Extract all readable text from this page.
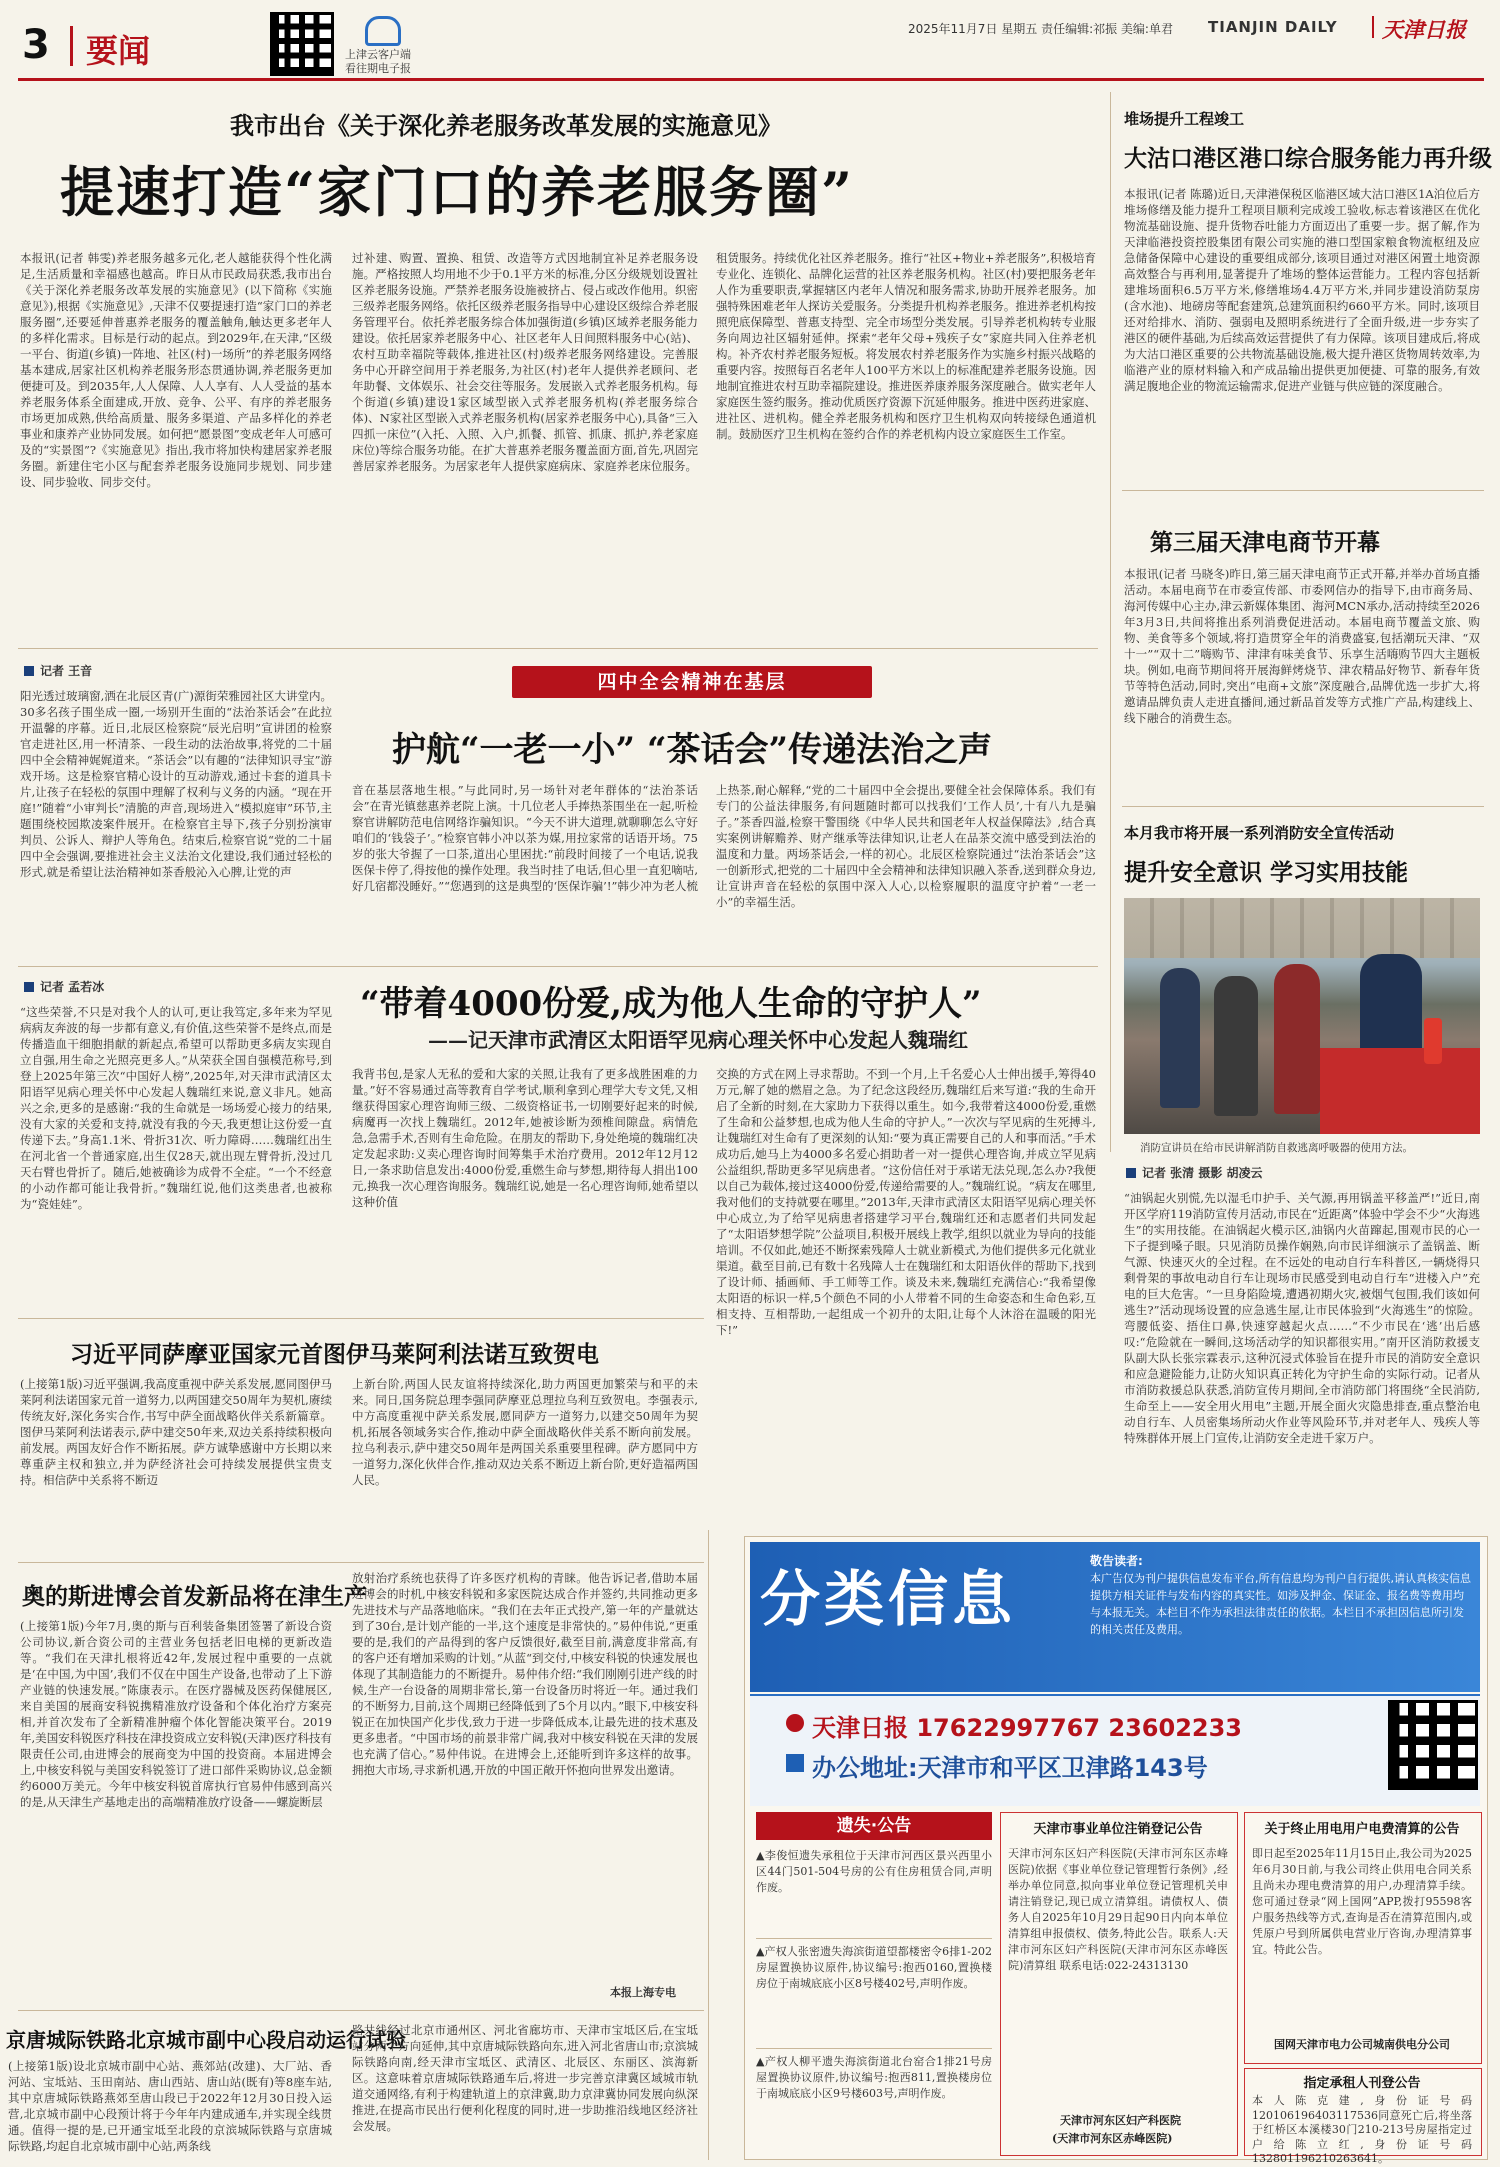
3 要闻	上津云客户端
看往期电子报
2025年11月7日 星期五 责任编辑:祁振 美编:单君 TIANJIN DAILY 天津日报
我市出台《关于深化养老服务改革发展的实施意见》
提速打造“家门口的养老服务圈”
本报讯(记者 韩雯)养老服务越多元化,老人越能获得个性化满足,生活质量和幸福感也越高。昨日从市民政局获悉,我市出台《关于深化养老服务改革发展的实施意见》(以下简称《实施意见》),根据《实施意见》,天津不仅要提速打造“家门口的养老服务圈”,还要延伸普惠养老服务的覆盖触角,触达更多老年人的多样化需求。目标是行动的起点。到2029年,在天津,“区级一平台、街道(乡镇)一阵地、社区(村)一场所”的养老服务网络基本建成,居家社区机构养老服务形态贯通协调,养老服务更加便捷可及。到2035年,人人保障、人人享有、人人受益的基本养老服务体系全面建成,开放、竞争、公平、有序的养老服务市场更加成熟,供给高质量、服务多渠道、产品多样化的养老事业和康养产业协同发展。如何把“愿景图”变成老年人可感可及的“实景图”?《实施意见》指出,我市将加快构建居家养老服务圈。新建住宅小区与配套养老服务设施同步规划、同步建设、同步验收、同步交付。
过补建、购置、置换、租赁、改造等方式因地制宜补足养老服务设施。严格按照人均用地不少于0.1平方米的标准,分区分级规划设置社区养老服务设施。严禁养老服务设施被挤占、侵占或改作他用。织密三级养老服务网络。依托区级养老服务指导中心建设区级综合养老服务管理平台。依托养老服务综合体加强街道(乡镇)区域养老服务能力建设。依托居家养老服务中心、社区老年人日间照料服务中心(站)、农村互助幸福院等载体,推进社区(村)级养老服务网络建设。完善服务中心开辟空间用于养老服务,为社区(村)老年人提供养老顾问、老年助餐、文体娱乐、社会交往等服务。发展嵌入式养老服务机构。每个街道(乡镇)建设1家区域型嵌入式养老服务机构(养老服务综合体)、N家社区型嵌入式养老服务机构(居家养老服务中心),具备“三入四抓一床位”(入托、入照、入户,抓餐、抓管、抓康、抓护,养老家庭床位)等综合服务功能。在扩大普惠养老服务覆盖面方面,首先,巩固完善居家养老服务。为居家老年人提供家庭病床、家庭养老床位服务。
租赁服务。持续优化社区养老服务。推行“社区+物业+养老服务”,积极培育专业化、连锁化、品牌化运营的社区养老服务机构。社区(村)要把服务老年人作为重要职责,掌握辖区内老年人情况和服务需求,协助开展养老服务。加强特殊困难老年人探访关爱服务。分类提升机构养老服务。推进养老机构按照兜底保障型、普惠支持型、完全市场型分类发展。引导养老机构转专业服务向周边社区辐射延伸。探索“老年父母+残疾子女”家庭共同入住养老机构。补齐农村养老服务短板。将发展农村养老服务作为实施乡村振兴战略的重要内容。按照每百名老年人100平方米以上的标准配建养老服务设施。因地制宜推进农村互助幸福院建设。推进医养康养服务深度融合。做实老年人家庭医生签约服务。推动优质医疗资源下沉延伸服务。推进中医药进家庭、进社区、进机构。健全养老服务机构和医疗卫生机构双向转接绿色通道机制。鼓励医疗卫生机构在签约合作的养老机构内设立家庭医生工作室。
记者 王音
阳光透过玻璃窗,洒在北辰区青(广)源街荣雅园社区大讲堂内。30多名孩子围坐成一圈,一场别开生面的“法治茶话会”在此拉开温馨的序幕。近日,北辰区检察院“辰光启明”宣讲团的检察官走进社区,用一杯清茶、一段生动的法治故事,将党的二十届四中全会精神娓娓道来。“茶话会”以有趣的“法律知识寻宝”游戏开场。这是检察官精心设计的互动游戏,通过卡套的道具卡片,让孩子在轻松的氛围中理解了权利与义务的内涵。“现在开庭!”随着“小审判长”清脆的声音,现场进入“模拟庭审”环节,主题围绕校园欺凌案件展开。在检察官主导下,孩子分别扮演审判员、公诉人、辩护人等角色。结束后,检察官说“党的二十届四中全会强调,要推进社会主义法治文化建设,我们通过轻松的形式,就是希望让法治精神如茶香般沁入心脾,让党的声
四中全会精神在基层
护航“一老一小” “茶话会”传递法治之声
音在基层落地生根。”与此同时,另一场针对老年群体的“法治茶话会”在青光镇慈惠养老院上演。十几位老人手捧热茶围坐在一起,听检察官讲解防范电信网络诈骗知识。“今天不讲大道理,就聊聊怎么守好咱们的‘钱袋子’。”检察官韩小冲以茶为媒,用拉家常的话语开场。75岁的张大爷握了一口茶,道出心里困扰:“前段时间接了一个电话,说我医保卡停了,得按他的操作处理。我当时挂了电话,但心里一直犯嘀咕,好几宿都没睡好。”“您遇到的这是典型的‘医保诈骗’!”韩少冲为老人梳
上热茶,耐心解释,“党的二十届四中全会提出,要健全社会保障体系。我们有专门的公益法律服务,有问题随时都可以找我们‘工作人员’,十有八九是骗子。”茶香四溢,检察干警围绕《中华人民共和国老年人权益保障法》,结合真实案例讲解赡养、财产继承等法律知识,让老人在品茶交流中感受到法治的温度和力量。两场茶话会,一样的初心。北辰区检察院通过“法治茶话会”这一创新形式,把党的二十届四中全会精神和法律知识融入茶香,送到群众身边,让宣讲声音在轻松的氛围中深入人心,以检察履职的温度守护着“一老一小”的幸福生活。
记者 孟若冰	“带着4000份爱,成为他人生命的守护人”
——记天津市武清区太阳语罕见病心理关怀中心发起人魏瑞红
“这些荣誉,不只是对我个人的认可,更让我笃定,多年来为罕见病病友奔波的每一步都有意义,有价值,这些荣誉不是终点,而是传播造血干细胞捐献的新起点,希望可以帮助更多病友实现自立自强,用生命之光照亮更多人。”从荣获全国自强模范称号,到登上2025年第三次“中国好人榜”,2025年,对天津市武清区太阳语罕见病心理关怀中心发起人魏瑞红来说,意义非凡。她高兴之余,更多的是感谢:“我的生命就是一场场爱心接力的结果,没有大家的关爱和支持,就没有我的今天,我更想让这份爱一直传递下去。”身高1.1米、骨折31次、听力障碍……魏瑞红出生在河北省一个普通家庭,出生仅28天,就出现左臂骨折,没过几天右臂也骨折了。随后,她被确诊为成骨不全症。“一个不经意的小动作都可能让我骨折。”魏瑞红说,他们这类患者,也被称为“瓷娃娃”。
我背书包,是家人无私的爱和大家的关照,让我有了更多战胜困难的力量。”好不容易通过高等教育自学考试,顺利拿到心理学大专文凭,又相继获得国家心理咨询师三级、二级资格证书,一切刚要好起来的时候,病魔再一次找上魏瑞红。2012年,她被诊断为颈椎间隙盘。病情危急,急需手术,否则有生命危险。在朋友的帮助下,身处绝境的魏瑞红决定发起求助:义卖心理咨询时间筹集手术治疗费用。2012年12月12日,一条求助信息发出:4000份爱,重燃生命与梦想,期待每人捐出100元,换我一次心理咨询服务。魏瑞红说,她是一名心理咨询师,她希望以这种价值
交换的方式在网上寻求帮助。不到一个月,上千名爱心人士伸出援手,筹得40万元,解了她的燃眉之急。为了纪念这段经历,魏瑞红后来写道:“我的生命开启了全新的时刻,在大家助力下获得以重生。如今,我带着这4000份爱,重燃了生命和公益梦想,也成为他人生命的守护人。”一次次与罕见病的生死搏斗,让魏瑞红对生命有了更深刻的认知:“要为真正需要自己的人和事而活。”手术成功后,她马上为4000多名爱心捐助者一对一提供心理咨询,并成立罕见病公益组织,帮助更多罕见病患者。“这份信任对于承诺无法兑现,怎么办?我便以自己为载体,接过这4000份爱,传递给需要的人。”魏瑞红说。“病友在哪里,我对他们的支持就要在哪里。”2013年,天津市武清区太阳语罕见病心理关怀中心成立,为了给罕见病患者搭建学习平台,魏瑞红还和志愿者们共同发起了“太阳语梦想学院”公益项目,积极开展线上教学,组织以就业为导向的技能培训。不仅如此,她还不断探索残障人士就业新模式,为他们提供多元化就业渠道。截至目前,已有数十名残障人士在魏瑞红和太阳语伙伴的帮助下,找到了设计师、插画师、手工师等工作。谈及未来,魏瑞红充满信心:“我希望像太阳语的标识一样,5个颜色不同的小人带着不同的生命姿态和生命色彩,互相支持、互相帮助,一起组成一个初升的太阳,让每个人沐浴在温暖的阳光下!”
习近平同萨摩亚国家元首图伊马莱阿利法诺互致贺电
(上接第1版)习近平强调,我高度重视中萨关系发展,愿同图伊马莱阿利法诺国家元首一道努力,以两国建交50周年为契机,赓续传统友好,深化务实合作,书写中萨全面战略伙伴关系新篇章。图伊马莱阿利法诺表示,萨中建交50年来,双边关系持续积极向前发展。两国友好合作不断拓展。萨方诚挚感谢中方长期以来尊重萨主权和独立,并为萨经济社会可持续发展提供宝贵支持。相信萨中关系将不断迈
上新台阶,两国人民友谊将持续深化,助力两国更加繁荣与和平的未来。同日,国务院总理李强同萨摩亚总理拉乌利互致贺电。李强表示,中方高度重视中萨关系发展,愿同萨方一道努力,以建交50周年为契机,拓展各领域务实合作,推动中萨全面战略伙伴关系不断向前发展。拉乌利表示,萨中建交50周年是两国关系重要里程碑。萨方愿同中方一道努力,深化伙伴合作,推动双边关系不断迈上新台阶,更好造福两国人民。
奥的斯进博会首发新品将在津生产
(上接第1版)今年7月,奥的斯与百利装备集团签署了新设合资公司协议,新合资公司的主营业务包括老旧电梯的更新改造等。“我们在天津扎根将近42年,发展过程中重要的一点就是‘在中国,为中国’,我们不仅在中国生产设备,也带动了上下游产业链的快速发展。”陈康表示。在医疗器械及医药保健展区,来自美国的展商安科锐携精准放疗设备和个体化治疗方案亮相,并首次发布了全新精准肿瘤个体化智能决策平台。2019年,美国安科锐医疗科技在津投资成立安科锐(天津)医疗科技有限责任公司,由进博会的展商变为中国的投资商。本届进博会上,中核安科锐与美国安科锐签订了进口部件采购协议,总金额约6000万美元。今年中核安科锐首席执行官易仲伟感到高兴的是,从天津生产基地走出的高端精准放疗设备——螺旋断层
放射治疗系统也获得了许多医疗机构的青睐。他告诉记者,借助本届进博会的时机,中核安科锐和多家医院达成合作并签约,共同推动更多先进技术与产品落地临床。“我们在去年正式投产,第一年的产量就达到了30台,是计划产能的一半,这个速度是非常快的。”易仲伟说,“更重要的是,我们的产品得到的客户反馈很好,截至目前,满意度非常高,有的客户还有增加采购的计划。”从蓝“到交付,中核安科锐的快速发展也体现了其制造能力的不断提升。易仲伟介绍:“我们刚刚引进产线的时候,生产一台设备的周期非常长,第一台设备历时将近一年。通过我们的不断努力,目前,这个周期已经降低到了5个月以内。”眼下,中核安科锐正在加快国产化步伐,致力于进一步降低成本,让最先进的技术惠及更多患者。“中国市场的前景非常广阔,我对中核安科锐在天津的发展也充满了信心。”易仲伟说。在进博会上,还能听到许多这样的故事。拥抱大市场,寻求新机遇,开放的中国正敞开怀抱向世界发出邀请。
本报上海专电
京唐城际铁路北京城市副中心段启动运行试验
(上接第1版)设北京城市副中心站、燕郊站(改建)、大厂站、香河站、宝坻站、玉田南站、唐山西站、唐山站(既有)等8座车站,其中京唐城际铁路燕郊至唐山段已于2022年12月30日投入运营,北京城市副中心段预计将于今年年内建成通车,并实现全线贯通。值得一提的是,已开通宝坻至北段的京滨城际铁路与京唐城际铁路,均起自北京城市副中心站,两条线
路共线经过北京市通州区、河北省廊坊市、天津市宝坻区后,在宝坻站分两个方向延伸,其中京唐城际铁路向东,进入河北省唐山市;京滨城际铁路向南,经天津市宝坻区、武清区、北辰区、东丽区、滨海新区。这意味着京唐城际铁路通车后,将进一步完善京津冀区域城市轨道交通网络,有利于构建轨道上的京津冀,助力京津冀协同发展向纵深推进,在提高市民出行便利化程度的同时,进一步助推沿线地区经济社会发展。
堆场提升工程竣工
大沽口港区港口综合服务能力再升级
本报讯(记者 陈璐)近日,天津港保税区临港区域大沽口港区1A泊位后方堆场修缮及能力提升工程项目顺利完成竣工验收,标志着该港区在优化物流基础设施、提升货物吞吐能力方面迈出了重要一步。据了解,作为天津临港投资控股集团有限公司实施的港口型国家粮食物流枢纽及应急储备保障中心建设的重要组成部分,该项目通过对港区闲置土地资源高效整合与再利用,显著提升了堆场的整体运营能力。工程内容包括新建堆场面积6.5万平方米,修缮堆场4.4万平方米,并同步建设消防泵房(含水池)、地磅房等配套建筑,总建筑面积约660平方米。同时,该项目还对给排水、消防、强弱电及照明系统进行了全面升级,进一步夯实了港区的硬件基础,为后续高效运营提供了有力保障。该项目建成后,将成为大沽口港区重要的公共物流基础设施,极大提升港区货物周转效率,为临港产业的原材料输入和产成品输出提供更加便捷、可靠的服务,有效满足腹地企业的物流运输需求,促进产业链与供应链的深度融合。
第三届天津电商节开幕
本报讯(记者 马晓冬)昨日,第三届天津电商节正式开幕,并举办首场直播活动。本届电商节在市委宣传部、市委网信办的指导下,由市商务局、海河传媒中心主办,津云新媒体集团、海河MCN承办,活动持续至2026年3月3日,共间将推出系列消费促进活动。本届电商节覆盖文旅、购物、美食等多个领域,将打造贯穿全年的消费盛宴,包括潮玩天津、“双十一”“双十二”嗨购节、津津有味美食节、乐享生活嗨购节四大主题板块。例如,电商节期间将开展海鲜烤烧节、津农精品好物节、新春年货节等特色活动,同时,突出“电商+文旅”深度融合,品牌优选一步扩大,将邀请品牌负责人走进直播间,通过新品首发等方式推广产品,构建线上、线下融合的消费生态。
本月我市将开展一系列消防安全宣传活动
提升安全意识 学习实用技能
消防宣讲员在给市民讲解消防自救逃离呼吸器的使用方法。
记者 张清 摄影 胡凌云
“油锅起火别慌,先以湿毛巾护手、关气源,再用锅盖平移盖严!”近日,南开区学府119消防宣传月活动,市民在“近距离”体验中学会不少“火海逃生”的实用技能。在油锅起火模示区,油锅内火苗蹿起,围观市民的心一下子提到嗓子眼。只见消防员操作娴熟,向市民详细演示了盖锅盖、断气源、快速灭火的全过程。在不远处的电动自行车科普区,一辆烧得只剩骨架的事故电动自行车让现场市民感受到电动自行车“进楼入户”充电的巨大危害。“一旦身陷险境,遭遇初期火灾,被烟气包围,我们该如何逃生?”活动现场设置的应急逃生屋,让市民体验到“火海逃生”的惊险。弯腰低姿、捂住口鼻,快速穿越起火点……“不少市民在‘逃’出后感叹:“危险就在一瞬间,这场活动学的知识都很实用。”南开区消防救援支队副大队长张宗霖表示,这种沉浸式体验旨在提升市民的消防安全意识和应急避险能力,让防火知识真正转化为守护生命的实际行动。记者从市消防救援总队获悉,消防宣传月期间,全市消防部门将围绕“全民消防,生命至上——安全用火用电”主题,开展全面火灾隐患排查,重点整治电动自行车、人员密集场所动火作业等风险环节,并对老年人、残疾人等特殊群体开展上门宣传,让消防安全走进千家万户。
分类信息
敬告读者:
本广告仅为刊户提供信息发布平台,所有信息均为刊户自行提供,请认真核实信息提供方相关证件与发布内容的真实性。如涉及押金、保证金、报名费等费用均与本报无关。本栏目不作为承担法律责任的依据。本栏目不承担因信息所引发的相关责任及费用。
天津日报 17622997767 23602233
办公地址:天津市和平区卫津路143号
遗失·公告
▲李俊恒遗失承租位于天津市河西区景兴西里小区44门501-504号房的公有住房租赁合同,声明作废。
▲产权人张密遗失海滨街道望都楼密令6排1-202房屋置换协议原件,协议编号:抱西0160,置换楼房位于南城底底小区8号楼402号,声明作废。
▲产权人柳平遗失海滨街道北台窑合1排21号房屋置换协议原件,协议编号:抱西811,置换楼房位于南城底底小区9号楼603号,声明作废。
天津市事业单位注销登记公告
天津市河东区妇产科医院(天津市河东区赤峰医院)依据《事业单位登记管理暂行条例》,经举办单位同意,拟向事业单位登记管理机关申请注销登记,现已成立清算组。请债权人、债务人自2025年10月29日起90日内向本单位清算组申报债权、债务,特此公告。联系人:天津市河东区妇产科医院(天津市河东区赤峰医院)清算组 联系电话:022-24313130
天津市河东区妇产科医院
(天津市河东区赤峰医院)
关于终止用电用户电费清算的公告
即日起至2025年11月15日止,我公司为2025年6月30日前,与我公司终止供用电合同关系且尚未办理电费清算的用户,办理清算手续。您可通过登录“网上国网”APP,拨打95598客户服务热线等方式,查询是否在清算范围内,或凭原户号到所属供电营业厅咨询,办理清算事宜。特此公告。
国网天津市电力公司城南供电分公司
指定承租人刊登公告
本人陈克建,身份证号码120106196403117536同意死亡后,将坐落于红桥区本溪楼30门210-213号房屋指定过户给陈立红,身份证号码132801196210263641。
